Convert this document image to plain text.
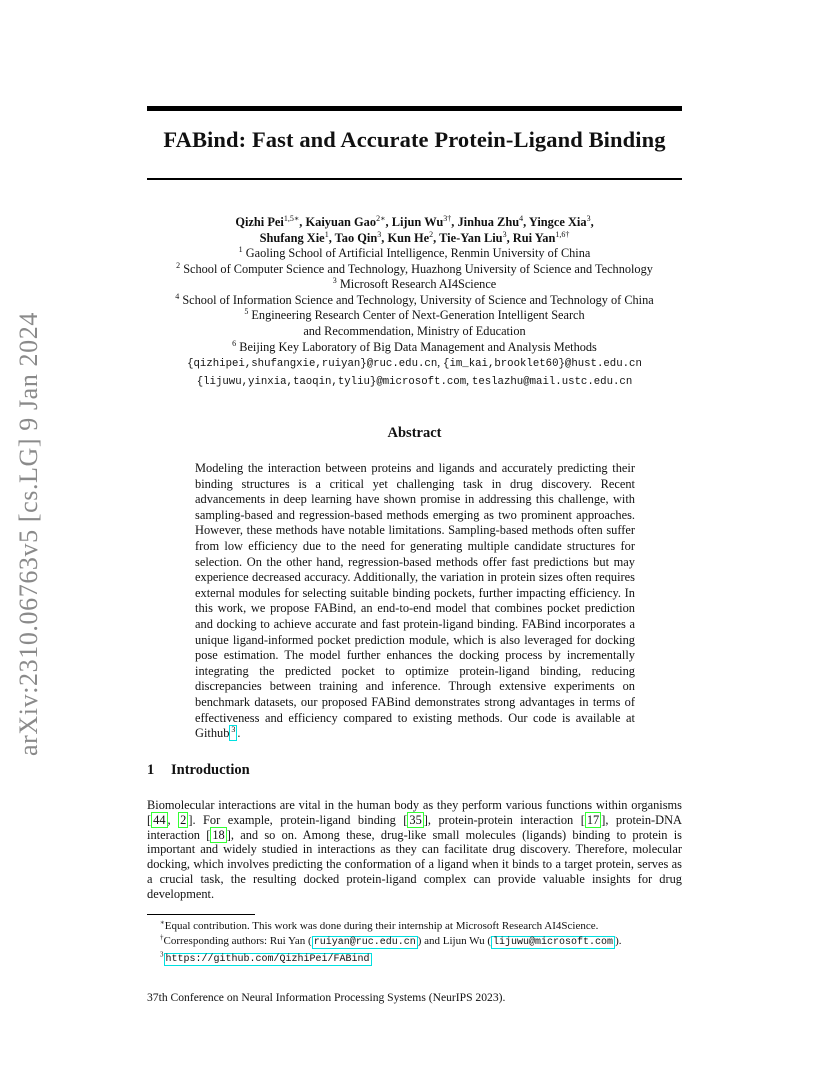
arXiv:2310.06763v5 [cs.LG] 9 Jan 2024
FABind: Fast and Accurate Protein-Ligand Binding
Qizhi Pei$^{1,5∗}$, Kaiyuan Gao$^{2∗}$, Lijun $Wu^{3\dagger}$, Jinhua Zhu$^4$, Yingce Xia$^3$,
Shufang Xie$^1$, Tao Qin$^3$, Kun He$^2$, Tie-Yan Liu$^3$, Rui Yan$^{1,6\dagger}$
$^1$ Gaoling School of Artificial Intelligence, Renmin University of China
$^2$ School of Computer Science and Technology, Huazhong University of Science and Technology
$^3$ Microsoft Research AI4Science
$^4$ School of Information Science and Technology, University of Science and Technology of China
$^5$ Engineering Research Center of Next-Generation Intelligent Search
and Recommendation, Ministry of Education
$^6$ Beijing Key Laboratory of Big Data Management and Analysis Methods
{qizhipei,shufangxie,ruiyan}@ruc.edu.cn, {im_kai,brooklet60}@hust.edu.cn
{lijuwu,yinxia,taoqin,tyliu}@microsoft.com, teslazhu@mail.ustc.edu.cn
Abstract
Modeling the interaction between proteins and ligands and accurately predicting their binding structures is a critical yet challenging task in drug discovery. Recent advancements in deep learning have shown promise in addressing this challenge, with sampling-based and regression-based methods emerging as two prominent approaches. However, these methods have notable limitations. Sampling-based methods often suffer from low efficiency due to the need for generating multiple candidate structures for selection. On the other hand, regression-based methods offer fast predictions but may experience decreased accuracy. Additionally, the variation in protein sizes often requires external modules for selecting suitable binding pockets, further impacting efficiency. In this work, we propose FABind, an end-to-end model that combines pocket prediction and docking to achieve accurate and fast protein-ligand binding. FABind incorporates a unique ligand-informed pocket prediction module, which is also leveraged for docking pose estimation. The model further enhances the docking process by incrementally integrating the predicted pocket to optimize protein-ligand binding, reducing discrepancies between training and inference. Through extensive experiments on benchmark datasets, our proposed FABind demonstrates strong advantages in terms of effectiveness and efficiency compared to existing methods. Our code is available at Github $^3$ .
1 Introduction
Biomolecular interactions are vital in the human body as they perform various functions within organisms [ 44 , 2 ]. For example, protein-ligand binding [ 35 ], protein-protein interaction [ 17 ], protein-DNA interaction [ 18 ], and so on. Among these, drug-like small molecules (ligands) binding to protein is important and widely studied in interactions as they can facilitate drug discovery. Therefore, molecular docking, which involves predicting the conformation of a ligand when it binds to a target protein, serves as a crucial task, the resulting docked protein-ligand complex can provide valuable insights for drug development.
∗Equal contribution. This work was done during their internship at Microsoft Research AI4Science.
†Corresponding authors: Rui Yan ( ruiyan@ruc.edu.cn ) and Lijun Wu ( lijuwu@microsoft.com ).
$^3$ https://github.com/QizhiPei/FABind
37th Conference on Neural Information Processing Systems (NeurIPS 2023).
